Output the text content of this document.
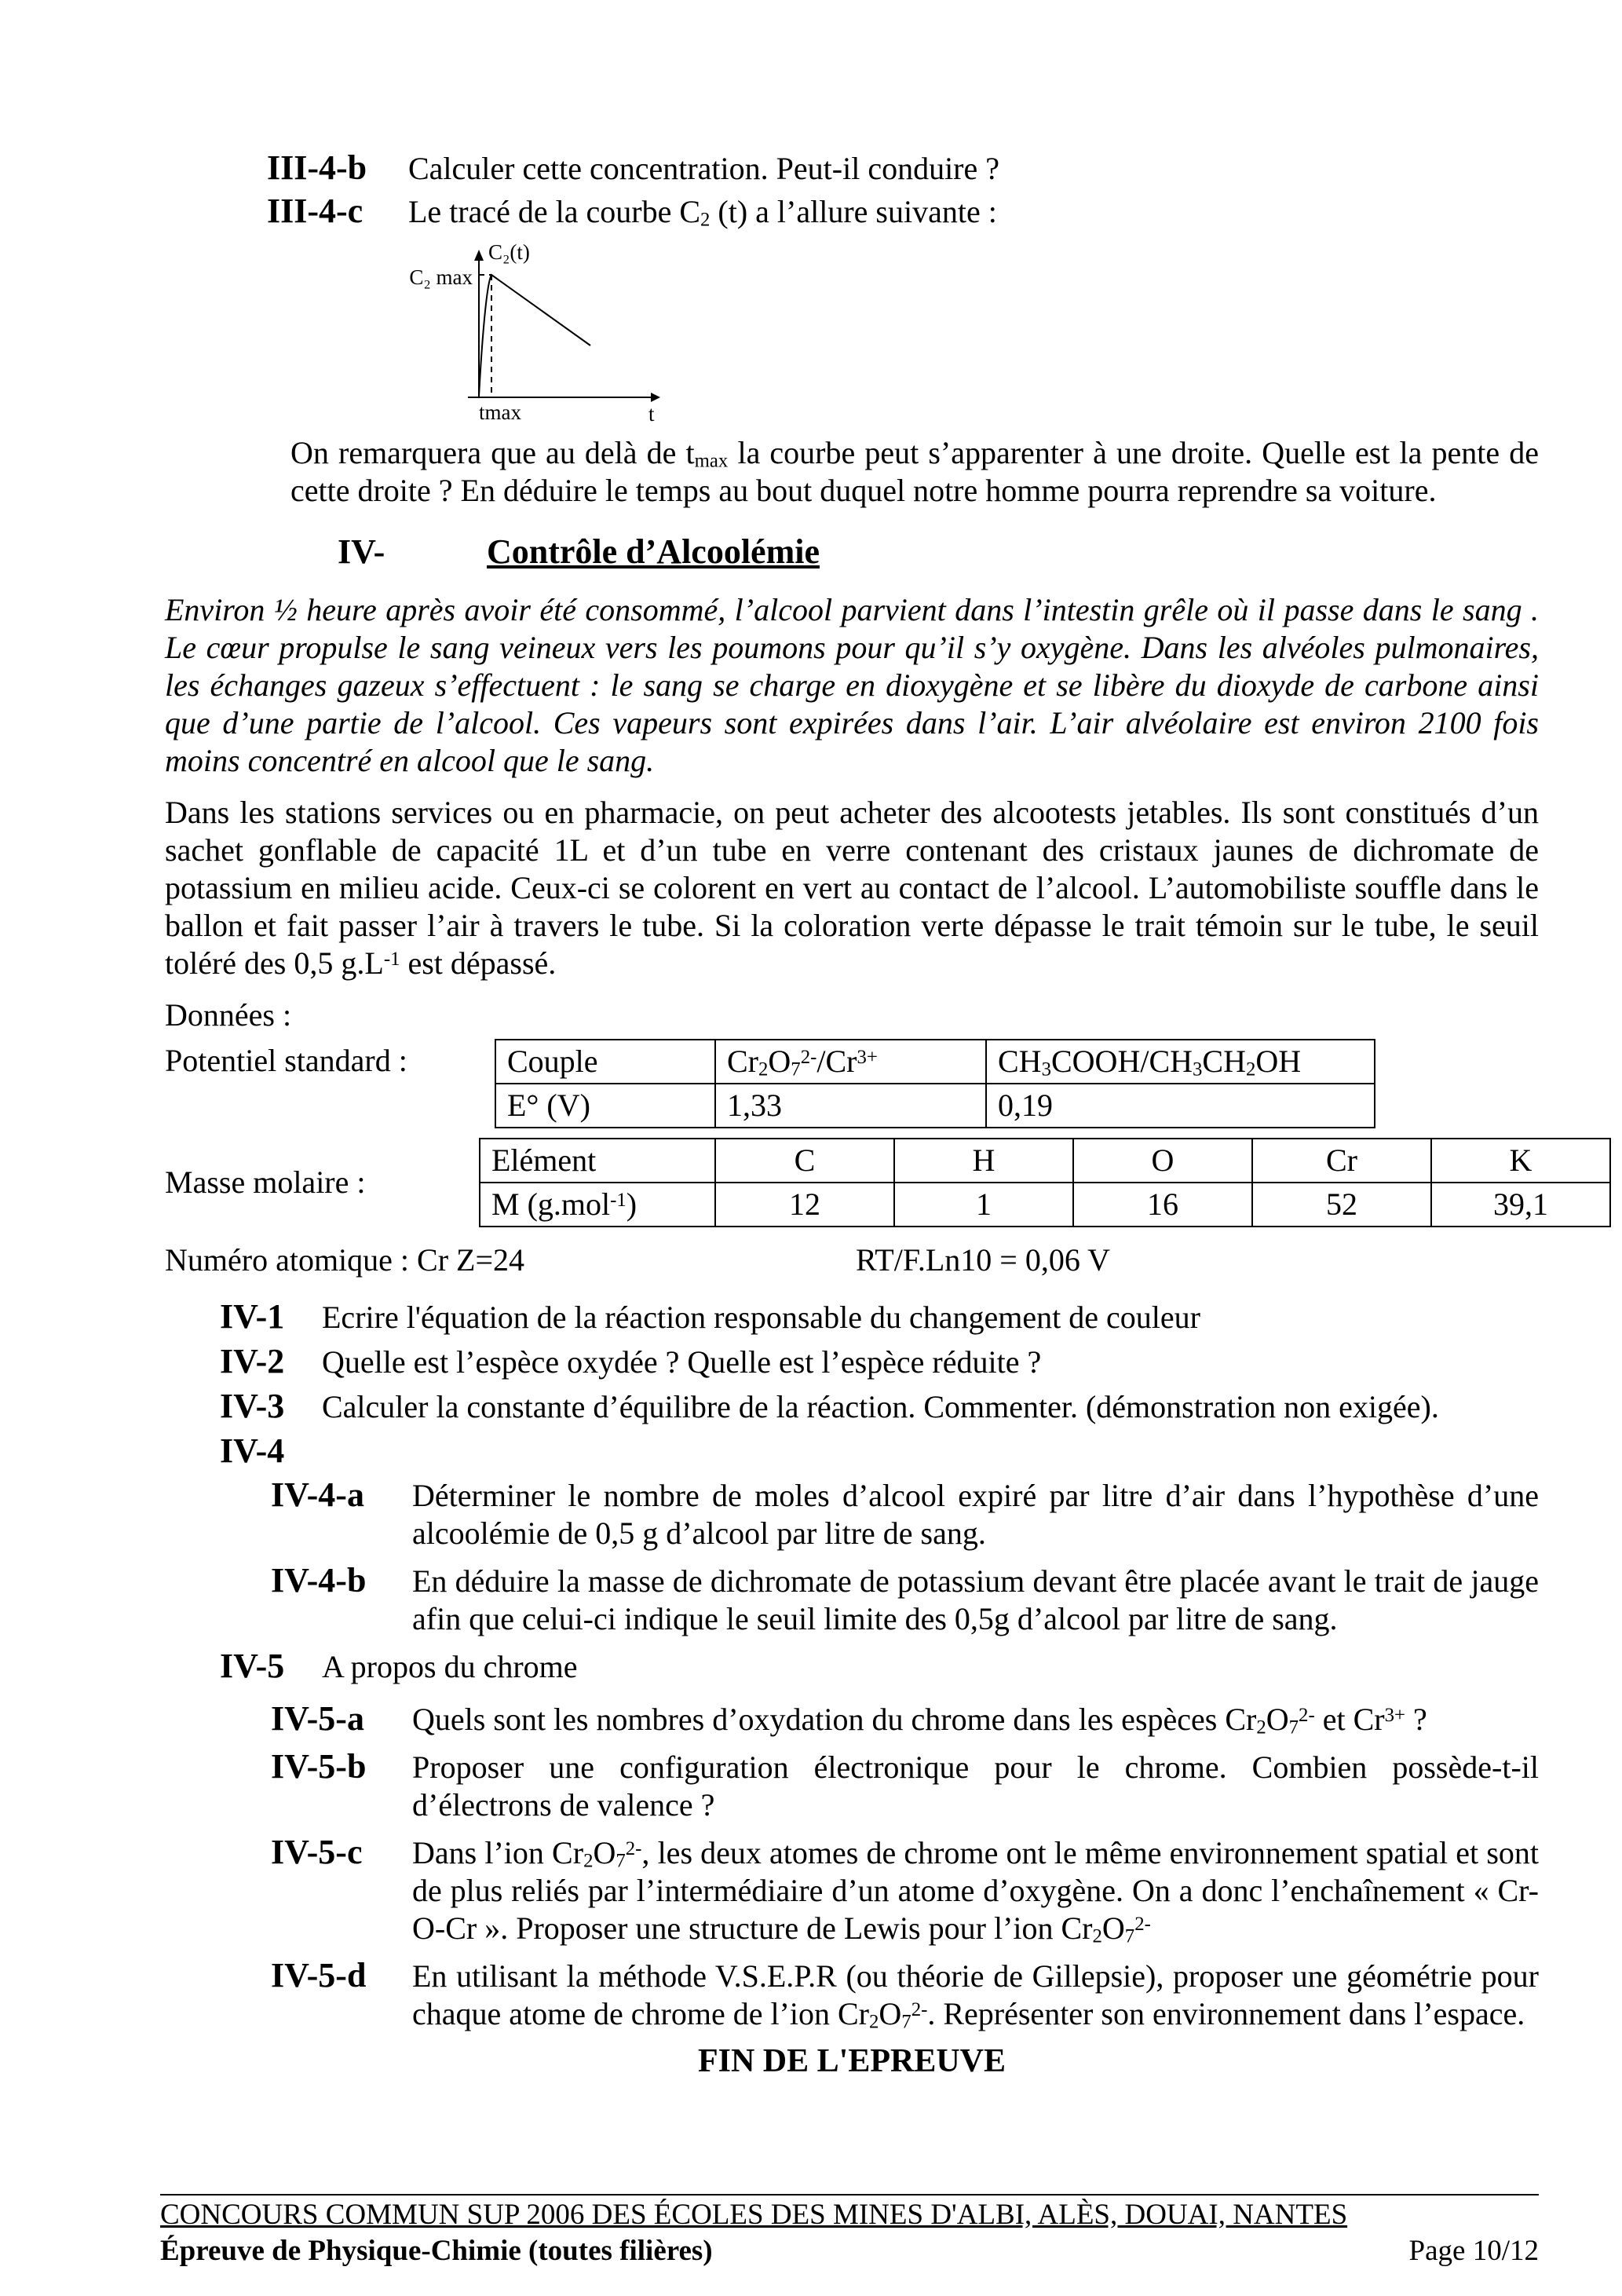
III-4-b	Calculer cette concentration. Peut-il conduire ?
III-4-c	Le tracé de la courbe $C_2$ (t) a l’allure suivante :
C₂(t)
C₂ max
tmax	t

On remarquera que au delà de $t_{max}$ la courbe peut s’apparenter à une droite. Quelle est la pente de cette droite ? En déduire le temps au bout duquel notre homme pourra reprendre sa voiture.

IV-	Contrôle d’Alcoolémie

Environ ½ heure après avoir été consommé, l’alcool parvient dans l’intestin grêle où il passe dans le sang . Le cœur propulse le sang veineux vers les poumons pour qu’il s’y oxygène. Dans les alvéoles pulmonaires, les échanges gazeux s’effectuent : le sang se charge en dioxygène et se libère du dioxyde de carbone ainsi que d’une partie de l’alcool. Ces vapeurs sont expirées dans l’air. L’air alvéolaire est environ 2100 fois moins concentré en alcool que le sang.

Dans les stations services ou en pharmacie, on peut acheter des alcootests jetables. Ils sont constitués d’un sachet gonflable de capacité 1L et d’un tube en verre contenant des cristaux jaunes de dichromate de potassium en milieu acide. Ceux-ci se colorent en vert au contact de l’alcool. L’automobiliste souffle dans le ballon et fait passer l’air à travers le tube. Si la coloration verte dépasse le trait témoin sur le tube, le seuil toléré des 0,5 $g.L^{-1}$ est dépassé.

Données :

Potentiel standard :	Couple	$Cr_2O_7^{2-}/Cr^{3+}$	$CH_3COOH/CH_3CH_2OH$
E° (V)	1,33	0,19
Masse molaire :
Elément	C	H	O	Cr	K
M (g.mol$^{-1}$)	12	1	16	52	39,1
Numéro atomique : Cr Z=24	RT/F.Ln10 = 0,06 V
IV-1	Ecrire l'équation de la réaction responsable du changement de couleur
IV-2	Quelle est l’espèce oxydée ? Quelle est l’espèce réduite ?
IV-3	Calculer la constante d’équilibre de la réaction. Commenter. (démonstration non exigée).
IV-4
IV-4-a	Déterminer le nombre de moles d’alcool expiré par litre d’air dans l’hypothèse d’une alcoolémie de 0,5 g d’alcool par litre de sang.
IV-4-b	En déduire la masse de dichromate de potassium devant être placée avant le trait de jauge afin que celui-ci indique le seuil limite des 0,5g d’alcool par litre de sang.
IV-5	A propos du chrome
IV-5-a	Quels sont les nombres d’oxydation du chrome dans les espèces $Cr_2O_7^{2-}$ et $Cr^{3+}$ ?
IV-5-b	Proposer une configuration électronique pour le chrome. Combien possède-t-il d’électrons de valence ?
IV-5-c	Dans l’ion $Cr_2O_7^{2-}$, les deux atomes de chrome ont le même environnement spatial et sont de plus reliés par l’intermédiaire d’un atome d’oxygène. On a donc l’enchaînement « Cr-O-Cr ». Proposer une structure de Lewis pour l’ion $Cr_2O_7^{2-}$
IV-5-d	En utilisant la méthode V.S.E.P.R (ou théorie de Gillepsie), proposer une géométrie pour chaque atome de chrome de l’ion $Cr_2O_7^{2-}$. Représenter son environnement dans l’espace.
FIN DE L'EPREUVE
CONCOURS COMMUN SUP 2006 DES ÉCOLES DES MINES D'ALBI, ALÈS, DOUAI, NANTES
Épreuve de Physique-Chimie (toutes filières)	Page 10/12
